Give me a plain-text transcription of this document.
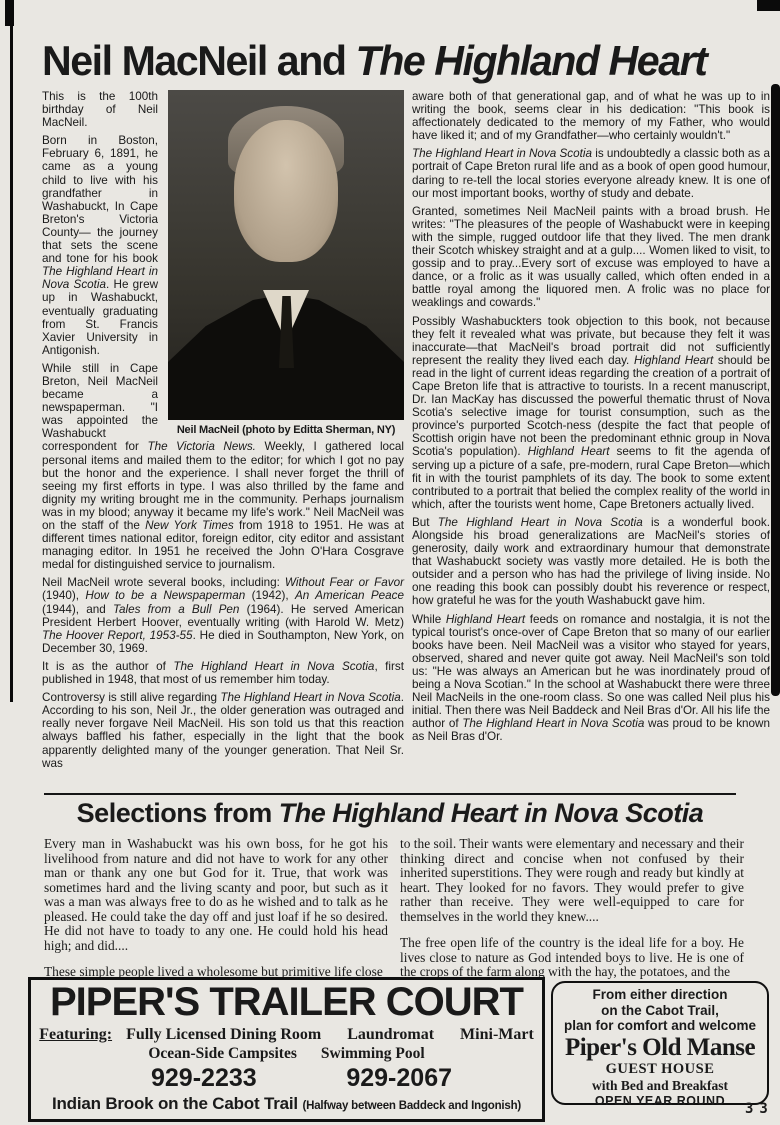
Neil MacNeil and The Highland Heart
Neil MacNeil (photo by Editta Sherman, NY)

This is the 100th birthday of Neil MacNeil.

Born in Boston, February 6, 1891, he came as a young child to live with his grandfather in Washabuckt, In Cape Breton's Victoria County— the journey that sets the scene and tone for his book The Highland Heart in Nova Scotia. He grew up in Washabuckt, eventually graduating from St. Francis Xavier University in Antigonish.

While still in Cape Breton, Neil MacNeil became a newspaperman. "I was appointed the Washabuckt correspondent for The Victoria News. Weekly, I gathered local personal items and mailed them to the editor; for which I got no pay but the honor and the experience. I shall never forget the thrill of seeing my first efforts in type. I was also thrilled by the fame and dignity my writing brought me in the community. Perhaps journalism was in my blood; anyway it became my life's work." Neil MacNeil was on the staff of the New York Times from 1918 to 1951. He was at different times national editor, foreign editor, city editor and assistant managing editor. In 1951 he received the John O'Hara Cosgrave medal for distinguished service to journalism.

Neil MacNeil wrote several books, including: Without Fear or Favor (1940), How to be a Newspaperman (1942), An American Peace (1944), and Tales from a Bull Pen (1964). He served American President Herbert Hoover, eventually writing (with Harold W. Metz) The Hoover Report, 1953-55. He died in Southampton, New York, on December 30, 1969.

It is as the author of The Highland Heart in Nova Scotia, first published in 1948, that most of us remember him today.

Controversy is still alive regarding The Highland Heart in Nova Scotia. According to his son, Neil Jr., the older generation was outraged and really never forgave Neil MacNeil. His son told us that this reaction always baffled his father, especially in the light that the book apparently delighted many of the younger generation. That Neil Sr. was

aware both of that generational gap, and of what he was up to in writing the book, seems clear in his dedication: "This book is affectionately dedicated to the memory of my Father, who would have liked it; and of my Grandfather—who certainly wouldn't."

The Highland Heart in Nova Scotia is undoubtedly a classic both as a portrait of Cape Breton rural life and as a book of open good humour, daring to re-tell the local stories everyone already knew. It is one of our most important books, worthy of study and debate.

Granted, sometimes Neil MacNeil paints with a broad brush. He writes: "The pleasures of the people of Washabuckt were in keeping with the simple, rugged outdoor life that they lived. The men drank their Scotch whiskey straight and at a gulp.... Women liked to visit, to gossip and to pray...Every sort of excuse was employed to have a dance, or a frolic as it was usually called, which often ended in a battle royal among the liquored men. A frolic was no place for weaklings and cowards."

Possibly Washabuckters took objection to this book, not because they felt it revealed what was private, but because they felt it was inaccurate—that MacNeil's broad portrait did not sufficiently represent the reality they lived each day. Highland Heart should be read in the light of current ideas regarding the creation of a portrait of Cape Breton life that is attractive to tourists. In a recent manuscript, Dr. Ian MacKay has discussed the powerful thematic thrust of Nova Scotia's selective image for tourist consumption, such as the province's purported Scotch-ness (despite the fact that people of Scottish origin have not been the predominant ethnic group in Nova Scotia's population). Highland Heart seems to fit the agenda of serving up a picture of a safe, pre-modern, rural Cape Breton—which fit in with the tourist pamphlets of its day. The book to some extent contributed to a portrait that belied the complex reality of the world in which, after the tourists went home, Cape Bretoners actually lived.

But The Highland Heart in Nova Scotia is a wonderful book. Alongside his broad generalizations are MacNeil's stories of generosity, daily work and extraordinary humour that demonstrate that Washabuckt society was vastly more detailed. He is both the outsider and a person who has had the privilege of living inside. No one reading this book can possibly doubt his reverence or respect, how grateful he was for the youth Washabuckt gave him.

While Highland Heart feeds on romance and nostalgia, it is not the typical tourist's once-over of Cape Breton that so many of our earlier books have been. Neil MacNeil was a visitor who stayed for years, observed, shared and never quite got away. Neil MacNeil's son told us: "He was always an American but he was inordinately proud of being a Nova Scotian." In the school at Washabuckt there were three Neil MacNeils in the one-room class. So one was called Neil plus his initial. Then there was Neil Baddeck and Neil Bras d'Or. All his life the author of The Highland Heart in Nova Scotia was proud to be known as Neil Bras d'Or.

Selections from The Highland Heart in Nova Scotia

Every man in Washabuckt was his own boss, for he got his livelihood from nature and did not have to work for any other man or thank any one but God for it. True, that work was sometimes hard and the living scanty and poor, but such as it was a man was always free to do as he wished and to talk as he pleased. He could take the day off and just loaf if he so desired. He did not have to toady to any one. He could hold his head high; and did....

These simple people lived a wholesome but primitive life close

to the soil. Their wants were elementary and necessary and their thinking direct and concise when not confused by their inherited superstitions. They were rough and ready but kindly at heart. They looked for no favors. They would prefer to give rather than receive. They were well-equipped to care for themselves in the world they knew....

The free open life of the country is the ideal life for a boy. He lives close to nature as God intended boys to live. He is one of the crops of the farm along with the hay, the potatoes, and the

PIPER'S TRAILER COURT
Featuring: Fully Licensed Dining Room Laundromat Mini-Mart
Ocean-Side Campsites Swimming Pool
929-2233	929-2067
Indian Brook on the Cabot Trail (Halfway between Baddeck and Ingonish)
From either direction
on the Cabot Trail,
plan for comfort and welcome
Piper's Old Manse
GUEST HOUSE
with Bed and Breakfast
OPEN YEAR ROUND	33
